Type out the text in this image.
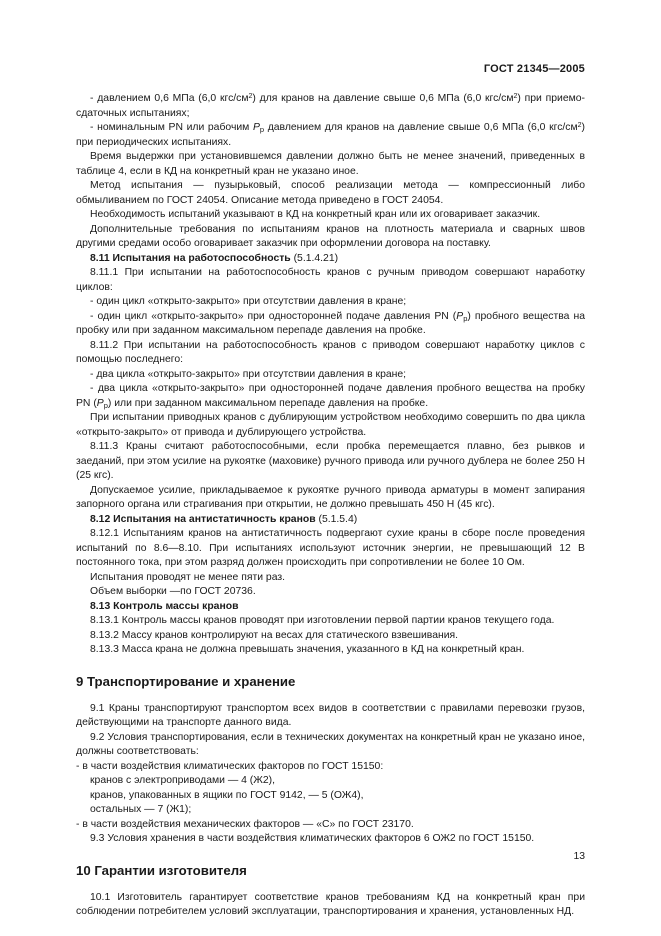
ГОСТ 21345—2005

- давлением 0,6 МПа (6,0 кгс/$см^2$) для кранов на давление свыше 0,6 МПа (6,0 кгс/$см^2$) при приемо-сдаточных испытаниях;

- номинальным PN или рабочим $P_р$ давлением для кранов на давление свыше 0,6 МПа (6,0 кгс/$см^2$) при периодических испытаниях.

Время выдержки при установившемся давлении должно быть не менее значений, приведенных в таблице 4, если в КД на конкретный кран не указано иное.

Метод испытания — пузырьковый, способ реализации метода — компрессионный либо обмыливанием по ГОСТ 24054. Описание метода приведено в ГОСТ 24054.

Необходимость испытаний указывают в КД на конкретный кран или их оговаривает заказчик.

Дополнительные требования по испытаниям кранов на плотность материала и сварных швов другими средами особо оговаривает заказчик при оформлении договора на поставку.

8.11 Испытания на работоспособность (5.1.4.21)

8.11.1 При испытании на работоспособность кранов с ручным приводом совершают наработку циклов:

- один цикл «открыто-закрыто» при отсутствии давления в кране;

- один цикл «открыто-закрыто» при односторонней подаче давления PN $(P_р)$ пробного вещества на пробку или при заданном максимальном перепаде давления на пробке.

8.11.2 При испытании на работоспособность кранов с приводом совершают наработку циклов с помощью последнего:

- два цикла «открыто-закрыто» при отсутствии давления в кране;

- два цикла «открыто-закрыто» при односторонней подаче давления пробного вещества на пробку PN $(P_р)$ или при заданном максимальном перепаде давления на пробке.

При испытании приводных кранов с дублирующим устройством необходимо совершить по два цикла «открыто-закрыто» от привода и дублирующего устройства.

8.11.3 Краны считают работоспособными, если пробка перемещается плавно, без рывков и заеданий, при этом усилие на рукоятке (маховике) ручного привода или ручного дублера не более 250 Н (25 кгс).

Допускаемое усилие, прикладываемое к рукоятке ручного привода арматуры в момент запирания запорного органа или страгивания при открытии, не должно превышать 450 Н (45 кгс).

8.12 Испытания на антистатичность кранов (5.1.5.4)

8.12.1 Испытаниям кранов на антистатичность подвергают сухие краны в сборе после проведения испытаний по 8.6—8.10. При испытаниях используют источник энергии, не превышающий 12 В постоянного тока, при этом разряд должен происходить при сопротивлении не более 10 Ом.

Испытания проводят не менее пяти раз.

Объем выборки —по ГОСТ 20736.

8.13 Контроль массы кранов

8.13.1 Контроль массы кранов проводят при изготовлении первой партии кранов текущего года.

8.13.2 Массу кранов контролируют на весах для статического взвешивания.

8.13.3 Масса крана не должна превышать значения, указанного в КД на конкретный кран.

9 Транспортирование и хранение

9.1 Краны транспортируют транспортом всех видов в соответствии с правилами перевозки грузов, действующими на транспорте данного вида.

9.2 Условия транспортирования, если в технических документах на конкретный кран не указано иное, должны соответствовать:

- в части воздействия климатических факторов по ГОСТ 15150:

кранов с электроприводами — 4 (Ж2),

кранов, упакованных в ящики по ГОСТ 9142, — 5 (ОЖ4),

остальных — 7 (Ж1);

- в части воздействия механических факторов — «С» по ГОСТ 23170.

9.3 Условия хранения в части воздействия климатических факторов 6 ОЖ2 по ГОСТ 15150.

10 Гарантии изготовителя

10.1 Изготовитель гарантирует соответствие кранов требованиям КД на конкретный кран при соблюдении потребителем условий эксплуатации, транспортирования и хранения, установленных НД.

13
